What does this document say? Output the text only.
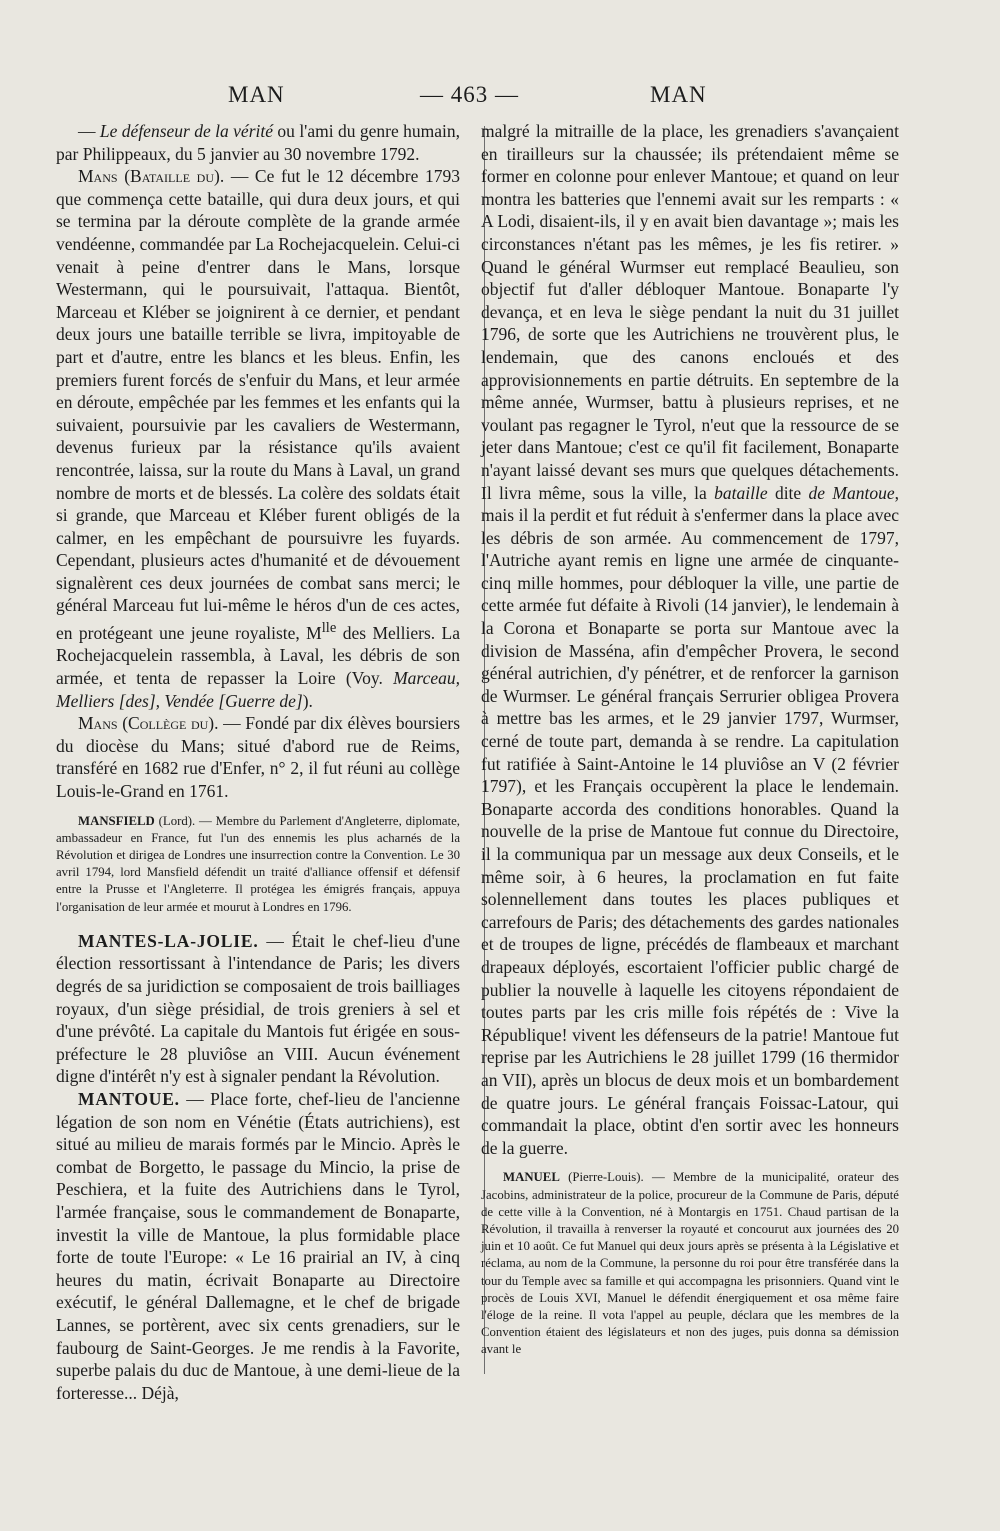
MAN	— 463 —	MAN

— Le défenseur de la vérité ou l'ami du genre humain, par Philippeaux, du 5 janvier au 30 novembre 1792.

Mans (Bataille du). — Ce fut le 12 décembre 1793 que commença cette bataille, qui dura deux jours, et qui se termina par la déroute complète de la grande armée vendéenne, commandée par La Rochejacquelein. Celui-ci venait à peine d'entrer dans le Mans, lorsque Westermann, qui le poursuivait, l'attaqua. Bientôt, Marceau et Kléber se joignirent à ce dernier, et pendant deux jours une bataille terrible se livra, impitoyable de part et d'autre, entre les blancs et les bleus. Enfin, les premiers furent forcés de s'enfuir du Mans, et leur armée en déroute, empêchée par les femmes et les enfants qui la suivaient, poursuivie par les cavaliers de Westermann, devenus furieux par la résistance qu'ils avaient rencontrée, laissa, sur la route du Mans à Laval, un grand nombre de morts et de blessés. La colère des soldats était si grande, que Marceau et Kléber furent obligés de la calmer, en les empêchant de poursuivre les fuyards. Cependant, plusieurs actes d'humanité et de dévouement signalèrent ces deux journées de combat sans merci; le général Marceau fut lui-même le héros d'un de ces actes, en protégeant une jeune royaliste, $M^{lle}$ des Melliers. La Rochejacquelein rassembla, à Laval, les débris de son armée, et tenta de repasser la Loire (Voy. Marceau, Melliers [des], Vendée [Guerre de]).

Mans (Collège du). — Fondé par dix élèves boursiers du diocèse du Mans; situé d'abord rue de Reims, transféré en 1682 rue d'Enfer, n° 2, il fut réuni au collège Louis-le-Grand en 1761.

MANSFIELD (Lord). — Membre du Parlement d'Angleterre, diplomate, ambassadeur en France, fut l'un des ennemis les plus acharnés de la Révolution et dirigea de Londres une insurrection contre la Convention. Le 30 avril 1794, lord Mansfield défendit un traité d'alliance offensif et défensif entre la Prusse et l'Angleterre. Il protégea les émigrés français, appuya l'organisation de leur armée et mourut à Londres en 1796.

MANTES-LA-JOLIE. — Était le chef-lieu d'une élection ressortissant à l'intendance de Paris; les divers degrés de sa juridiction se composaient de trois bailliages royaux, d'un siège présidial, de trois greniers à sel et d'une prévôté. La capitale du Mantois fut érigée en sous-préfecture le 28 pluviôse an VIII. Aucun événement digne d'intérêt n'y est à signaler pendant la Révolution.

MANTOUE. — Place forte, chef-lieu de l'ancienne légation de son nom en Vénétie (États autrichiens), est situé au milieu de marais formés par le Mincio. Après le combat de Borgetto, le passage du Mincio, la prise de Peschiera, et la fuite des Autrichiens dans le Tyrol, l'armée française, sous le commandement de Bonaparte, investit la ville de Mantoue, la plus formidable place forte de toute l'Europe: « Le 16 prairial an IV, à cinq heures du matin, écrivait Bonaparte au Directoire exécutif, le général Dallemagne, et le chef de brigade Lannes, se portèrent, avec six cents grenadiers, sur le faubourg de Saint-Georges. Je me rendis à la Favorite, superbe palais du duc de Mantoue, à une demi-lieue de la forteresse... Déjà,

malgré la mitraille de la place, les grenadiers s'avançaient en tirailleurs sur la chaussée; ils prétendaient même se former en colonne pour enlever Mantoue; et quand on leur montra les batteries que l'ennemi avait sur les remparts : « A Lodi, disaient-ils, il y en avait bien davantage »; mais les circonstances n'étant pas les mêmes, je les fis retirer. » Quand le général Wurmser eut remplacé Beaulieu, son objectif fut d'aller débloquer Mantoue. Bonaparte l'y devança, et en leva le siège pendant la nuit du 31 juillet 1796, de sorte que les Autrichiens ne trouvèrent plus, le lendemain, que des canons encloués et des approvisionnements en partie détruits. En septembre de la même année, Wurmser, battu à plusieurs reprises, et ne voulant pas regagner le Tyrol, n'eut que la ressource de se jeter dans Mantoue; c'est ce qu'il fit facilement, Bonaparte n'ayant laissé devant ses murs que quelques détachements. Il livra même, sous la ville, la bataille dite de Mantoue, mais il la perdit et fut réduit à s'enfermer dans la place avec les débris de son armée. Au commencement de 1797, l'Autriche ayant remis en ligne une armée de cinquante-cinq mille hommes, pour débloquer la ville, une partie de cette armée fut défaite à Rivoli (14 janvier), le lendemain à la Corona et Bonaparte se porta sur Mantoue avec la division de Masséna, afin d'empêcher Provera, le second général autrichien, d'y pénétrer, et de renforcer la garnison de Wurmser. Le général français Serrurier obligea Provera à mettre bas les armes, et le 29 janvier 1797, Wurmser, cerné de toute part, demanda à se rendre. La capitulation fut ratifiée à Saint-Antoine le 14 pluviôse an V (2 février 1797), et les Français occupèrent la place le lendemain. Bonaparte accorda des conditions honorables. Quand la nouvelle de la prise de Mantoue fut connue du Directoire, il la communiqua par un message aux deux Conseils, et le même soir, à 6 heures, la proclamation en fut faite solennellement dans toutes les places publiques et carrefours de Paris; des détachements des gardes nationales et de troupes de ligne, précédés de flambeaux et marchant drapeaux déployés, escortaient l'officier public chargé de publier la nouvelle à laquelle les citoyens répondaient de toutes parts par les cris mille fois répétés de : Vive la République! vivent les défenseurs de la patrie! Mantoue fut reprise par les Autrichiens le 28 juillet 1799 (16 thermidor an VII), après un blocus de deux mois et un bombardement de quatre jours. Le général français Foissac-Latour, qui commandait la place, obtint d'en sortir avec les honneurs de la guerre.

MANUEL (Pierre-Louis). — Membre de la municipalité, orateur des Jacobins, administrateur de la police, procureur de la Commune de Paris, député de cette ville à la Convention, né à Montargis en 1751. Chaud partisan de la Révolution, il travailla à renverser la royauté et concourut aux journées des 20 juin et 10 août. Ce fut Manuel qui deux jours après se présenta à la Législative et réclama, au nom de la Commune, la personne du roi pour être transférée dans la tour du Temple avec sa famille et qui accompagna les prisonniers. Quand vint le procès de Louis XVI, Manuel le défendit énergiquement et osa même faire l'éloge de la reine. Il vota l'appel au peuple, déclara que les membres de la Convention étaient des législateurs et non des juges, puis donna sa démission avant le
